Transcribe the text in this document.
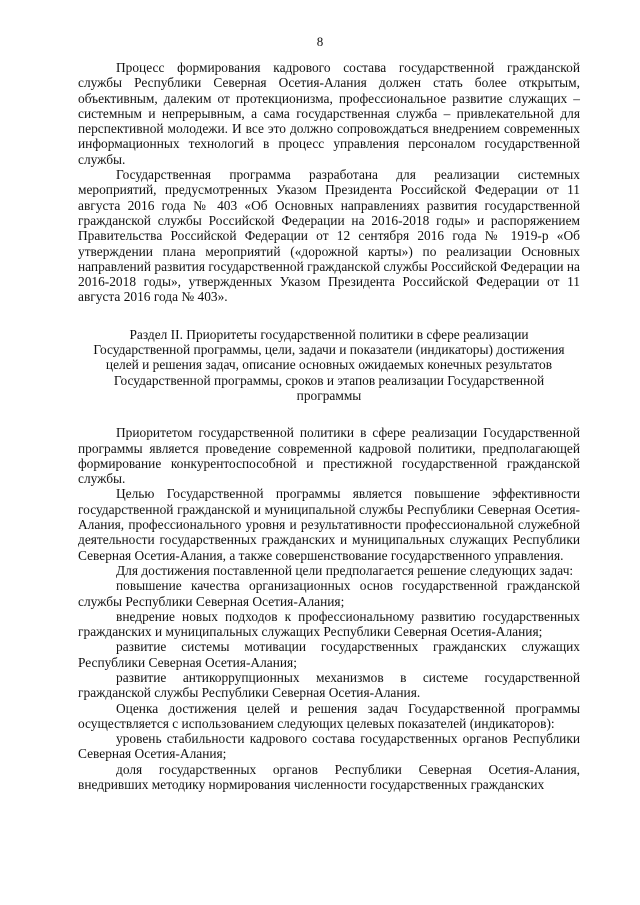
8

Процесс формирования кадрового состава государственной гражданской службы Республики Северная Осетия-Алания должен стать более открытым, объективным, далеким от протекционизма, профессиональное развитие служащих – системным и непрерывным, а сама государственная служба – привлекательной для перспективной молодежи. И все это должно сопровождаться внедрением современных информационных технологий в процесс управления персоналом государственной службы.

Государственная программа разработана для реализации системных мероприятий, предусмотренных Указом Президента Российской Федерации от 11 августа 2016 года № 403 «Об Основных направлениях развития государственной гражданской службы Российской Федерации на 2016-2018 годы» и распоряжением Правительства Российской Федерации от 12 сентября 2016 года № 1919-р «Об утверждении плана мероприятий («дорожной карты») по реализации Основных направлений развития государственной гражданской службы Российской Федерации на 2016-2018 годы», утвержденных Указом Президента Российской Федерации от 11 августа 2016 года № 403».

Раздел II. Приоритеты государственной политики в сфере реализации Государственной программы, цели, задачи и показатели (индикаторы) достижения целей и решения задач, описание основных ожидаемых конечных результатов Государственной программы, сроков и этапов реализации Государственной программы

Приоритетом государственной политики в сфере реализации Государственной программы является проведение современной кадровой политики, предполагающей формирование конкурентоспособной и престижной государственной гражданской службы.

Целью Государственной программы является повышение эффективности государственной гражданской и муниципальной службы Республики Северная Осетия-Алания, профессионального уровня и результативности профессиональной служебной деятельности государственных гражданских и муниципальных служащих Республики Северная Осетия-Алания, а также совершенствование государственного управления.

Для достижения поставленной цели предполагается решение следующих задач:

повышение качества организационных основ государственной гражданской службы Республики Северная Осетия-Алания;

внедрение новых подходов к профессиональному развитию государственных гражданских и муниципальных служащих Республики Северная Осетия-Алания;

развитие системы мотивации государственных гражданских служащих Республики Северная Осетия-Алания;

развитие антикоррупционных механизмов в системе государственной гражданской службы Республики Северная Осетия-Алания.

Оценка достижения целей и решения задач Государственной программы осуществляется с использованием следующих целевых показателей (индикаторов):

уровень стабильности кадрового состава государственных органов Республики Северная Осетия-Алания;

доля государственных органов Республики Северная Осетия-Алания, внедривших методику нормирования численности государственных гражданских
